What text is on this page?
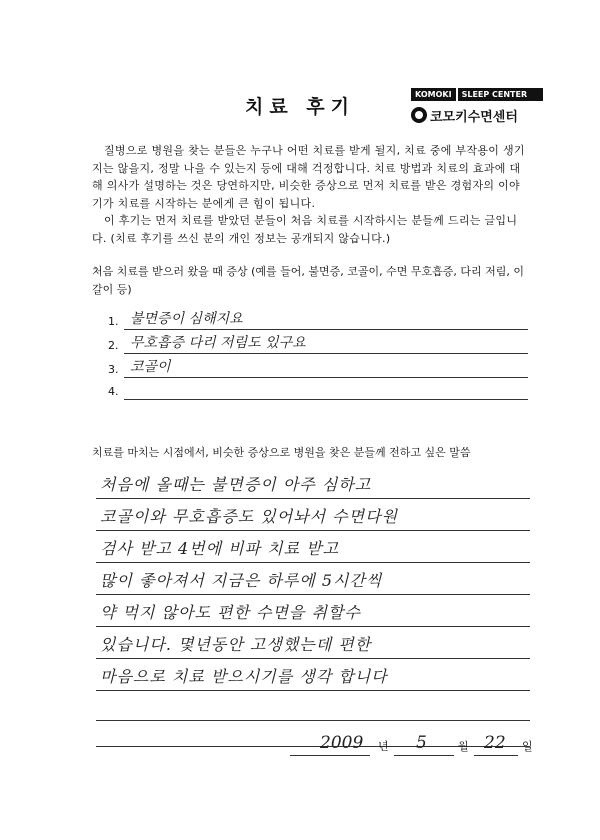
치료 후기
KOMOKI	SLEEP CENTER
코모키수면센터

질병으로 병원을 찾는 분들은 누구나 어떤 치료를 받게 될지, 치료 중에 부작용이 생기지는 않을지, 정말 나을 수 있는지 등에 대해 걱정합니다. 치료 방법과 치료의 효과에 대해 의사가 설명하는 것은 당연하지만, 비슷한 증상으로 먼저 치료를 받은 경험자의 이야기가 치료를 시작하는 분에게 큰 힘이 됩니다.

이 후기는 먼저 치료를 받았던 분들이 처음 치료를 시작하시는 분들께 드리는 글입니다. (치료 후기를 쓰신 분의 개인 정보는 공개되지 않습니다.)

처음 치료를 받으러 왔을 때 증상 (예를 들어, 불면증, 코골이, 수면 무호흡증, 다리 저림, 이갈이 등)
1. 불면증이 심해지요
2. 무호흡증 다리 저림도 있구요
3. 코골이
4.
치료를 마치는 시점에서, 비슷한 증상으로 병원을 찾은 분들께 전하고 싶은 말씀
처음에 올때는 불면증이 아주 심하고
코골이와 무호흡증도 있어놔서 수면다원
검사 받고 4번에 비파 치료 받고
많이 좋아져서 지금은 하루에 5시간씩
약 먹지 않아도 편한 수면을 취할수
있습니다. 몇년동안 고생했는데 편한
마음으로 치료 받으시기를 생각 합니다
2009 년 5	월 22 일
